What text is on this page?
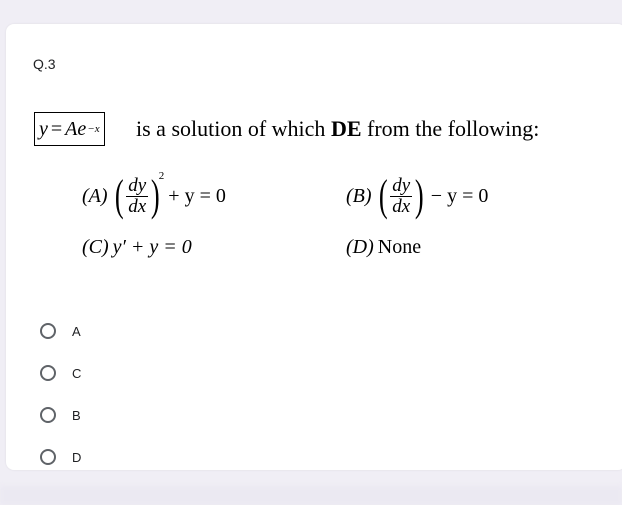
Q.3
y = Ae −x is a solution of which DE from the following:
(A) ( $\frac{dy}{dx}$ )
2
+ y = 0	(B) ( $\frac{dy}{dx}$ ) − y = 0
(C) y′ + y = 0	(D) None
A
C
B
D
